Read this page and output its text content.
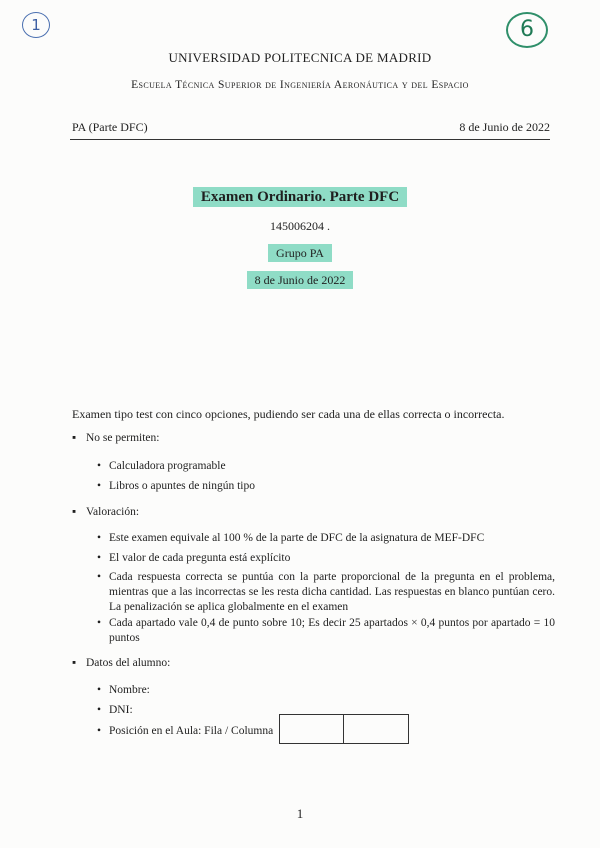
1	6
UNIVERSIDAD POLITECNICA DE MADRID
Escuela Técnica Superior de Ingeniería Aeronáutica y del Espacio
PA (Parte DFC)	8 de Junio de 2022
Examen Ordinario. Parte DFC
145006204 .
Grupo PA
8 de Junio de 2022
Examen tipo test con cinco opciones, pudiendo ser cada una de ellas correcta o incorrecta.
▪ No se permiten:
• Calculadora programable
• Libros o apuntes de ningún tipo
▪ Valoración:
• Este examen equivale al 100 % de la parte de DFC de la asignatura de MEF-DFC
• El valor de cada pregunta está explícito
• Cada respuesta correcta se puntúa con la parte proporcional de la pregunta en el problema, mientras que a las incorrectas se les resta dicha cantidad. Las respuestas en blanco puntúan cero. La penalización se aplica globalmente en el examen
• Cada apartado vale 0,4 de punto sobre 10; Es decir 25 apartados × 0,4 puntos por apartado = 10 puntos
▪ Datos del alumno:
• Nombre:
• DNI:
• Posición en el Aula: Fila / Columna
1
